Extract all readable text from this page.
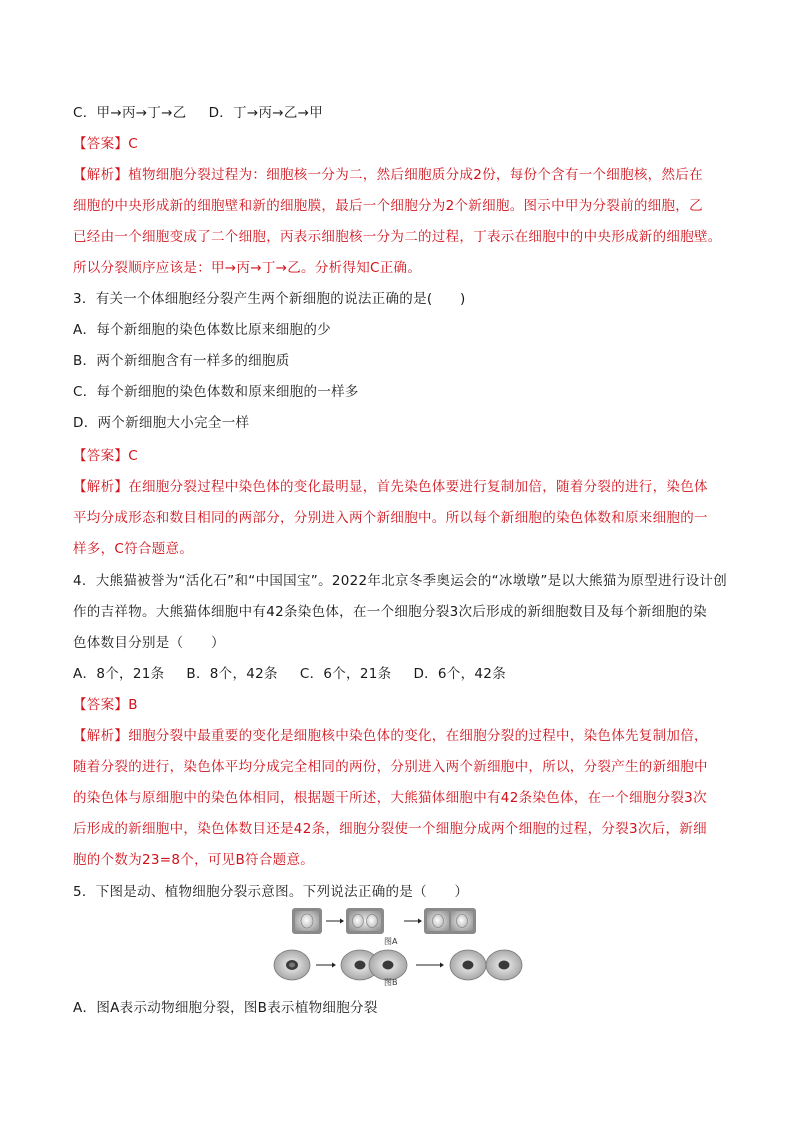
C．甲→丙→丁→乙 D．丁→丙→乙→甲
【答案】C
【解析】植物细胞分裂过程为：细胞核一分为二，然后细胞质分成2份，每份个含有一个细胞核，然后在
细胞的中央形成新的细胞壁和新的细胞膜，最后一个细胞分为2个新细胞。图示中甲为分裂前的细胞，乙
已经由一个细胞变成了二个细胞，丙表示细胞核一分为二的过程，丁表示在细胞中的中央形成新的细胞壁。
所以分裂顺序应该是：甲→丙→丁→乙。分析得知C正确。
3．有关一个体细胞经分裂产生两个新细胞的说法正确的是(　　)
A．每个新细胞的染色体数比原来细胞的少
B．两个新细胞含有一样多的细胞质
C．每个新细胞的染色体数和原来细胞的一样多
D．两个新细胞大小完全一样
【答案】C
【解析】在细胞分裂过程中染色体的变化最明显，首先染色体要进行复制加倍，随着分裂的进行，染色体
平均分成形态和数目相同的两部分，分别进入两个新细胞中。所以每个新细胞的染色体数和原来细胞的一
样多，C符合题意。
4．大熊猫被誉为“活化石”和“中国国宝”。2022年北京冬季奥运会的“冰墩墩”是以大熊猫为原型进行设计创
作的吉祥物。大熊猫体细胞中有42条染色体，在一个细胞分裂3次后形成的新细胞数目及每个新细胞的染
色体数目分别是（　　）
A．8个，21条 B．8个，42条 C．6个，21条 D．6个，42条
【答案】B
【解析】细胞分裂中最重要的变化是细胞核中染色体的变化，在细胞分裂的过程中，染色体先复制加倍，
随着分裂的进行，染色体平均分成完全相同的两份，分别进入两个新细胞中，所以，分裂产生的新细胞中
的染色体与原细胞中的染色体相同，根据题干所述，大熊猫体细胞中有42条染色体，在一个细胞分裂3次
后形成的新细胞中，染色体数目还是42条，细胞分裂使一个细胞分成两个细胞的过程，分裂3次后，新细
胞的个数为23=8个，可见B符合题意。
5．下图是动、植物细胞分裂示意图。下列说法正确的是（　　）
图A
图B
A．图A表示动物细胞分裂，图B表示植物细胞分裂
